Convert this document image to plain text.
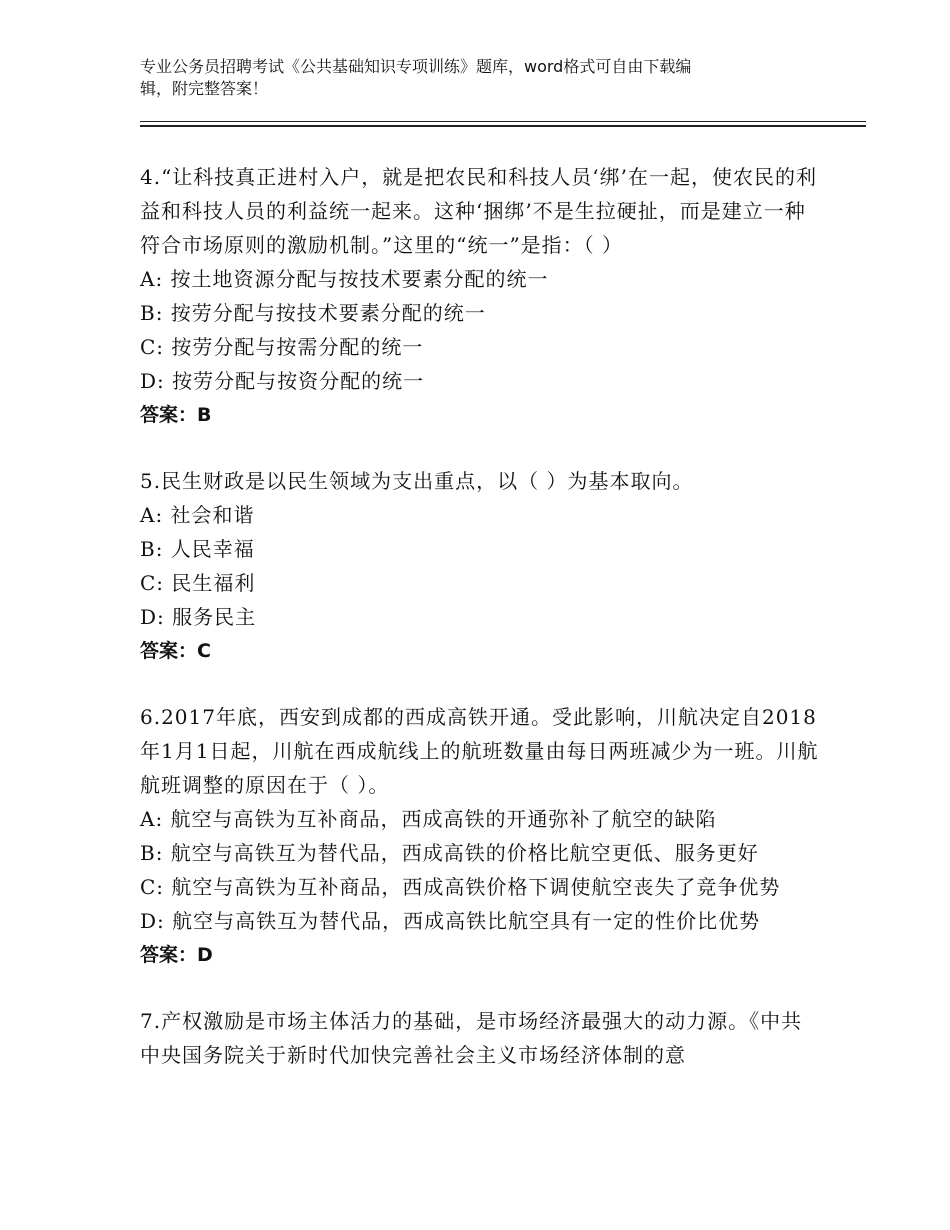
专业公务员招聘考试《公共基础知识专项训练》题库，word格式可自由下载编
辑，附完整答案！

4.“让科技真正进村入户，就是把农民和科技人员‘绑’在一起，使农民的利益和科技人员的利益统一起来。这种‘捆绑’不是生拉硬扯，而是建立一种符合市场原则的激励机制。”这里的“统一”是指：（ ）

A: 按土地资源分配与按技术要素分配的统一

B: 按劳分配与按技术要素分配的统一

C: 按劳分配与按需分配的统一

D: 按劳分配与按资分配的统一

答案：B

5.民生财政是以民生领域为支出重点，以（ ）为基本取向。

A: 社会和谐

B: 人民幸福

C: 民生福利

D: 服务民主

答案：C

6.2017年底，西安到成都的西成高铁开通。受此影响，川航决定自2018年1月1日起，川航在西成航线上的航班数量由每日两班减少为一班。川航航班调整的原因在于（ ）。

A: 航空与高铁为互补商品，西成高铁的开通弥补了航空的缺陷

B: 航空与高铁互为替代品，西成高铁的价格比航空更低、服务更好

C: 航空与高铁为互补商品，西成高铁价格下调使航空丧失了竞争优势

D: 航空与高铁互为替代品，西成高铁比航空具有一定的性价比优势

答案：D

7.产权激励是市场主体活力的基础，是市场经济最强大的动力源。《中共中央国务院关于新时代加快完善社会主义市场经济体制的意
